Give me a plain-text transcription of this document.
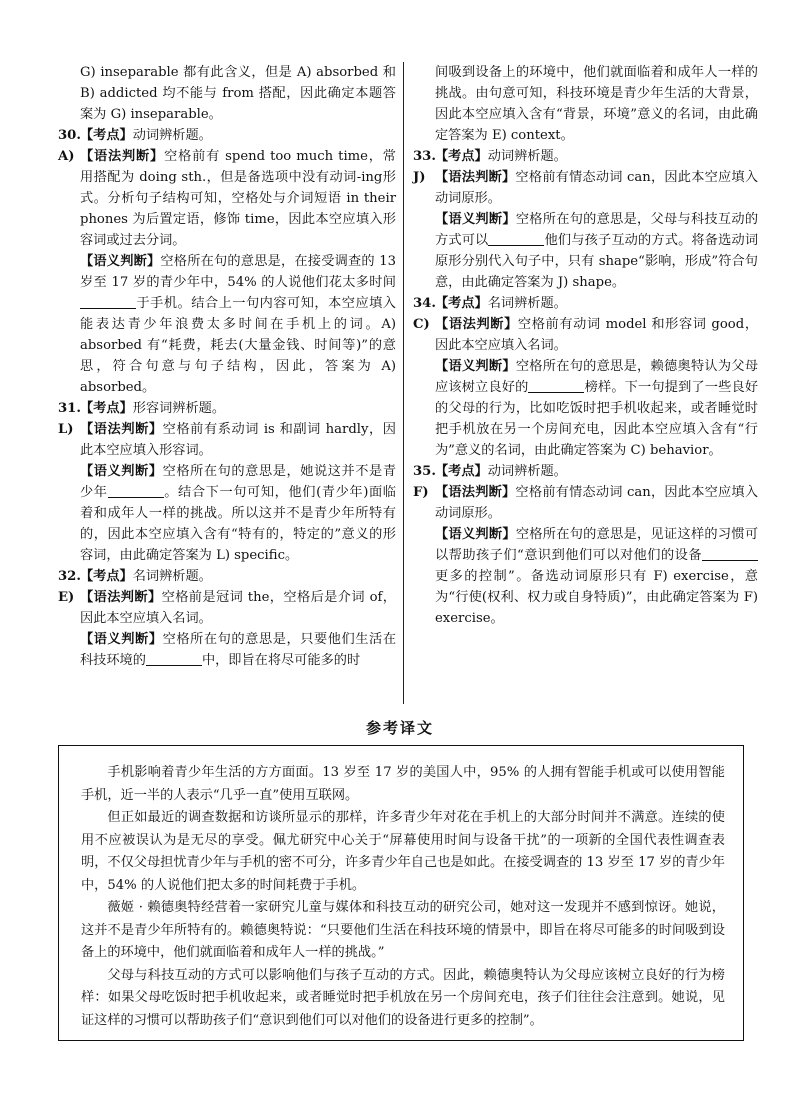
G) inseparable 都有此含义，但是 A) absorbed 和 B) addicted 均不能与 from 搭配，因此确定本题答案为 G) inseparable。

30. 【考点】动词辨析题。
A) 【语法判断】空格前有 spend too much time，常用搭配为 doing sth.，但是备选项中没有动词-ing形式。分析句子结构可知，空格处与介词短语 in their phones 为后置定语，修饰 time，因此本空应填入形容词或过去分词。

【语义判断】空格所在句的意思是，在接受调查的 13 岁至 17 岁的青少年中，54% 的人说他们花太多时间于手机。结合上一句内容可知，本空应填入能表达青少年浪费太多时间在手机上的词。A) absorbed 有“耗费，耗去(大量金钱、时间等)”的意思，符合句意与句子结构，因此，答案为 A) absorbed。

31. 【考点】形容词辨析题。
L) 【语法判断】空格前有系动词 is 和副词 hardly，因此本空应填入形容词。

【语义判断】空格所在句的意思是，她说这并不是青少年	。结合下一句可知，他们(青少年)面临着和成年人一样的挑战。所以这并不是青少年所特有的，因此本空应填入含有“特有的，特定的”意义的形容词，由此确定答案为 L) specific。

32. 【考点】名词辨析题。
E) 【语法判断】空格前是冠词 the，空格后是介词 of，因此本空应填入名词。

【语义判断】空格所在句的意思是，只要他们生活在科技环境的	中，即旨在将尽可能多的时

间吸到设备上的环境中，他们就面临着和成年人一样的挑战。由句意可知，科技环境是青少年生活的大背景，因此本空应填入含有“背景，环境”意义的名词，由此确定答案为 E) context。

33. 【考点】动词辨析题。
J) 【语法判断】空格前有情态动词 can，因此本空应填入动词原形。

【语义判断】空格所在句的意思是，父母与科技互动的方式可以	他们与孩子互动的方式。将备选动词原形分别代入句子中，只有 shape“影响，形成”符合句意，由此确定答案为 J) shape。

34. 【考点】名词辨析题。
C) 【语法判断】空格前有动词 model 和形容词 good，因此本空应填入名词。

【语义判断】空格所在句的意思是，赖德奥特认为父母应该树立良好的	榜样。下一句提到了一些良好的父母的行为，比如吃饭时把手机收起来，或者睡觉时把手机放在另一个房间充电，因此本空应填入含有“行为”意义的名词，由此确定答案为 C) behavior。

35. 【考点】动词辨析题。
F) 【语法判断】空格前有情态动词 can，因此本空应填入动词原形。

【语义判断】空格所在句的意思是，见证这样的习惯可以帮助孩子们“意识到他们可以对他们的设备更多的控制”。备选动词原形只有 F) exercise，意为“行使(权利、权力或自身特质)”，由此确定答案为 F) exercise。

参考译文

手机影响着青少年生活的方方面面。13 岁至 17 岁的美国人中，95% 的人拥有智能手机或可以使用智能手机，近一半的人表示“几乎一直”使用互联网。

但正如最近的调查数据和访谈所显示的那样，许多青少年对花在手机上的大部分时间并不满意。连续的使用不应被误认为是无尽的享受。佩尤研究中心关于“屏幕使用时间与设备干扰”的一项新的全国代表性调查表明，不仅父母担忧青少年与手机的密不可分，许多青少年自己也是如此。在接受调查的 13 岁至 17 岁的青少年中，54% 的人说他们把太多的时间耗费于手机。

薇姬 · 赖德奥特经营着一家研究儿童与媒体和科技互动的研究公司，她对这一发现并不感到惊讶。她说，这并不是青少年所特有的。赖德奥特说：“只要他们生活在科技环境的情景中，即旨在将尽可能多的时间吸到设备上的环境中，他们就面临着和成年人一样的挑战。”

父母与科技互动的方式可以影响他们与孩子互动的方式。因此，赖德奥特认为父母应该树立良好的行为榜样：如果父母吃饭时把手机收起来，或者睡觉时把手机放在另一个房间充电，孩子们往往会注意到。她说，见证这样的习惯可以帮助孩子们“意识到他们可以对他们的设备进行更多的控制”。
